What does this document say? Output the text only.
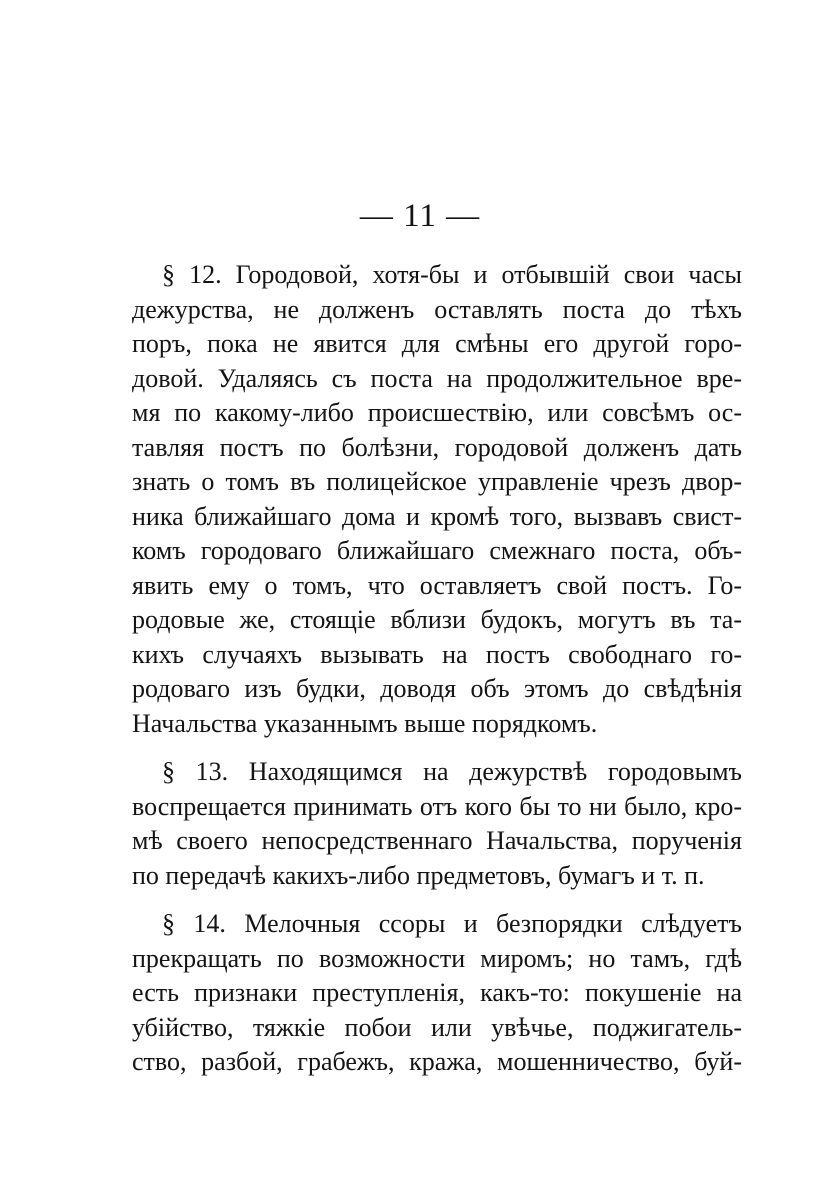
— 11 —
§ 12. Городовой, хотя-бы и отбывшій свои часы
дежурства, не долженъ оставлять поста до тѣхъ
поръ, пока не явится для смѣны его другой горо-
довой. Удаляясь съ поста на продолжительное вре-
мя по какому-либо происшествію, или совсѣмъ ос-
тавляя постъ по болѣзни, городовой долженъ дать
знать о томъ въ полицейское управленіе чрезъ двор-
ника ближайшаго дома и кромѣ того, вызвавъ свист-
комъ городоваго ближайшаго смежнаго поста, объ-
явить ему о томъ, что оставляетъ свой постъ. Го-
родовые же, стоящіе вблизи будокъ, могутъ въ та-
кихъ случаяхъ вызывать на постъ свободнаго го-
родоваго изъ будки, доводя объ этомъ до свѣдѣнія
Начальства указаннымъ выше порядкомъ.
§ 13. Находящимся на дежурствѣ городовымъ
воспрещается принимать отъ кого бы то ни было, кро-
мѣ своего непосредственнаго Начальства, порученія
по передачѣ какихъ-либо предметовъ, бумагъ и т. п.
§ 14. Мелочныя ссоры и безпорядки слѣдуетъ
прекращать по возможности миромъ; но тамъ, гдѣ
есть признаки преступленія, какъ-то: покушеніе на
убійство, тяжкіе побои или увѣчье, поджигатель-
ство, разбой, грабежъ, кража, мошенничество, буй-
